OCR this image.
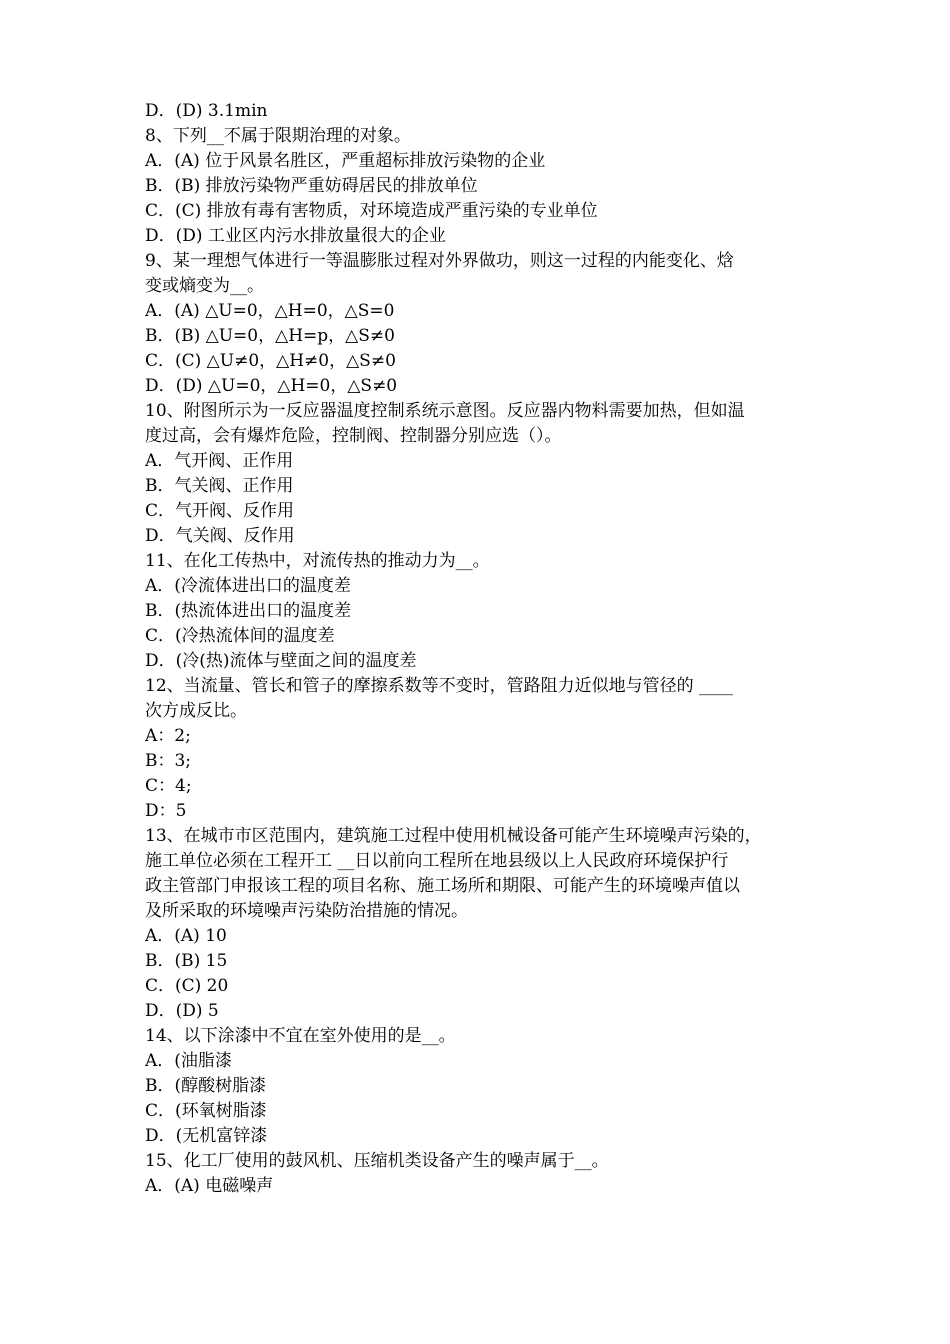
D．(D) 3.1min
8、下列__不属于限期治理的对象。
A．(A) 位于风景名胜区，严重超标排放污染物的企业
B．(B) 排放污染物严重妨碍居民的排放单位
C．(C) 排放有毒有害物质，对环境造成严重污染的专业单位
D．(D) 工业区内污水排放量很大的企业
9、某一理想气体进行一等温膨胀过程对外界做功，则这一过程的内能变化、焓
变或熵变为__。
A．(A) △U=0，△H=0，△S=0
B．(B) △U=0，△H=p，△S≠0
C．(C) △U≠0，△H≠0，△S≠0
D．(D) △U=0，△H=0，△S≠0
10、附图所示为一反应器温度控制系统示意图。反应器内物料需要加热，但如温
度过高，会有爆炸危险，控制阀、控制器分别应选（）。
A．气开阀、正作用
B．气关阀、正作用
C．气开阀、反作用
D．气关阀、反作用
11、在化工传热中，对流传热的推动力为__。
A．(冷流体进出口的温度差
B．(热流体进出口的温度差
C．(冷热流体间的温度差
D．(冷(热)流体与壁面之间的温度差
12、当流量、管长和管子的摩擦系数等不变时，管路阻力近似地与管径的 ____
次方成反比。
A：2;
B：3;
C：4;
D：5
13、在城市市区范围内，建筑施工过程中使用机械设备可能产生环境噪声污染的，
施工单位必须在工程开工 __日以前向工程所在地县级以上人民政府环境保护行
政主管部门申报该工程的项目名称、施工场所和期限、可能产生的环境噪声值以
及所采取的环境噪声污染防治措施的情况。
A．(A) 10
B．(B) 15
C．(C) 20
D．(D) 5
14、以下涂漆中不宜在室外使用的是__。
A．(油脂漆
B．(醇酸树脂漆
C．(环氧树脂漆
D．(无机富锌漆
15、化工厂使用的鼓风机、压缩机类设备产生的噪声属于__。
A．(A) 电磁噪声
